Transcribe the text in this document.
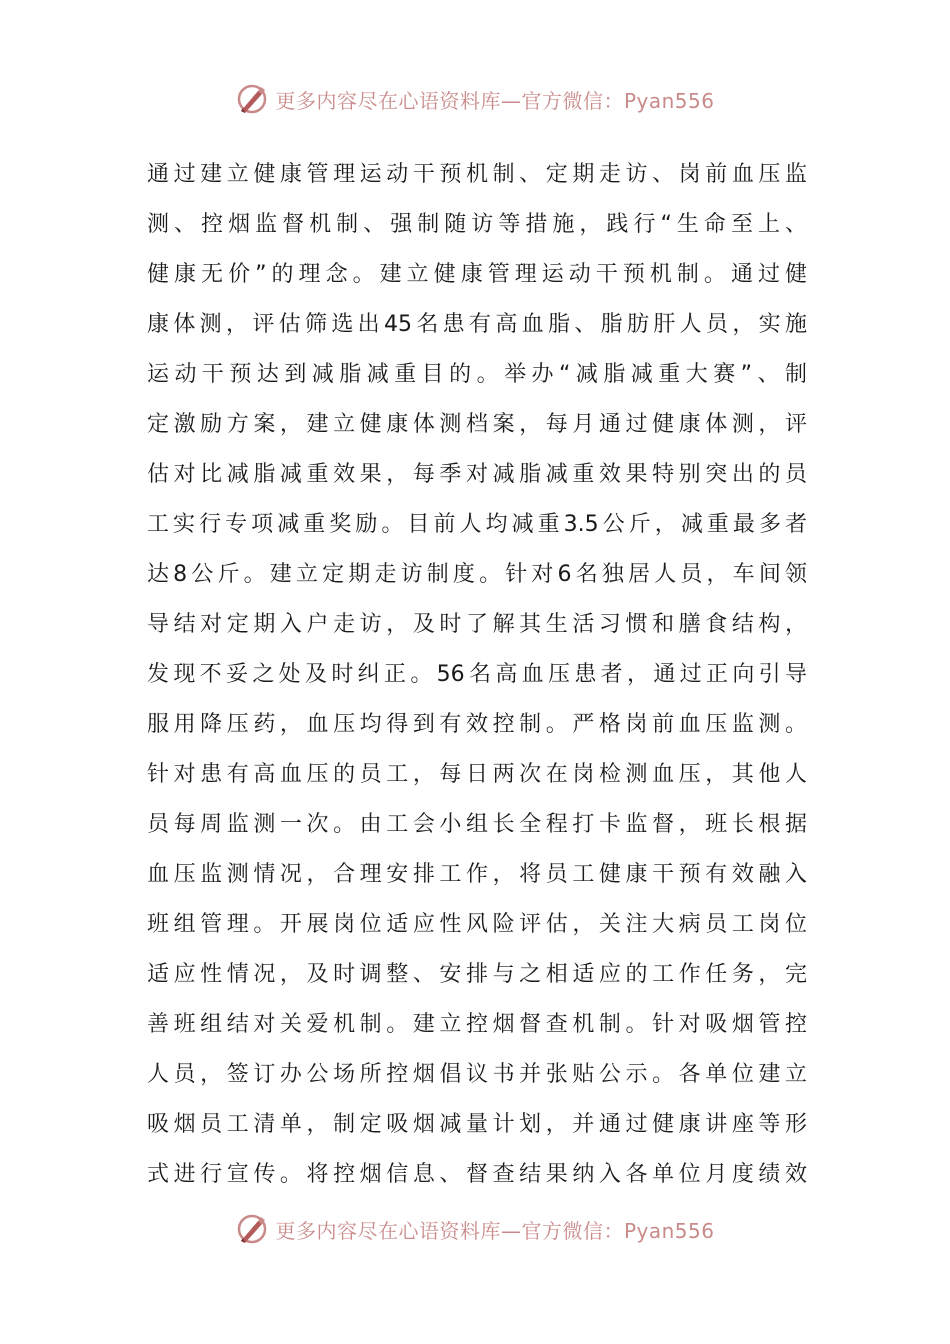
更多内容尽在心语资料库—官方微信：Pyan556
通过建立健康管理运动干预机制、定期走访、岗前血压监
测、控烟监督机制、强制随访等措施，践行“生命至上、
健康无价”的理念。建立健康管理运动干预机制。通过健
康体测，评估筛选出45名患有高血脂、脂肪肝人员，实施
运动干预达到减脂减重目的。举办“减脂减重大赛”、制
定激励方案，建立健康体测档案，每月通过健康体测，评
估对比减脂减重效果，每季对减脂减重效果特别突出的员
工实行专项减重奖励。目前人均减重3.5公斤，减重最多者
达8公斤。建立定期走访制度。针对6名独居人员，车间领
导结对定期入户走访，及时了解其生活习惯和膳食结构，
发现不妥之处及时纠正。56名高血压患者，通过正向引导
服用降压药，血压均得到有效控制。严格岗前血压监测。
针对患有高血压的员工，每日两次在岗检测血压，其他人
员每周监测一次。由工会小组长全程打卡监督，班长根据
血压监测情况，合理安排工作，将员工健康干预有效融入
班组管理。开展岗位适应性风险评估，关注大病员工岗位
适应性情况，及时调整、安排与之相适应的工作任务，完
善班组结对关爱机制。建立控烟督查机制。针对吸烟管控
人员，签订办公场所控烟倡议书并张贴公示。各单位建立
吸烟员工清单，制定吸烟减量计划，并通过健康讲座等形
式进行宣传。将控烟信息、督查结果纳入各单位月度绩效
更多内容尽在心语资料库—官方微信：Pyan556
